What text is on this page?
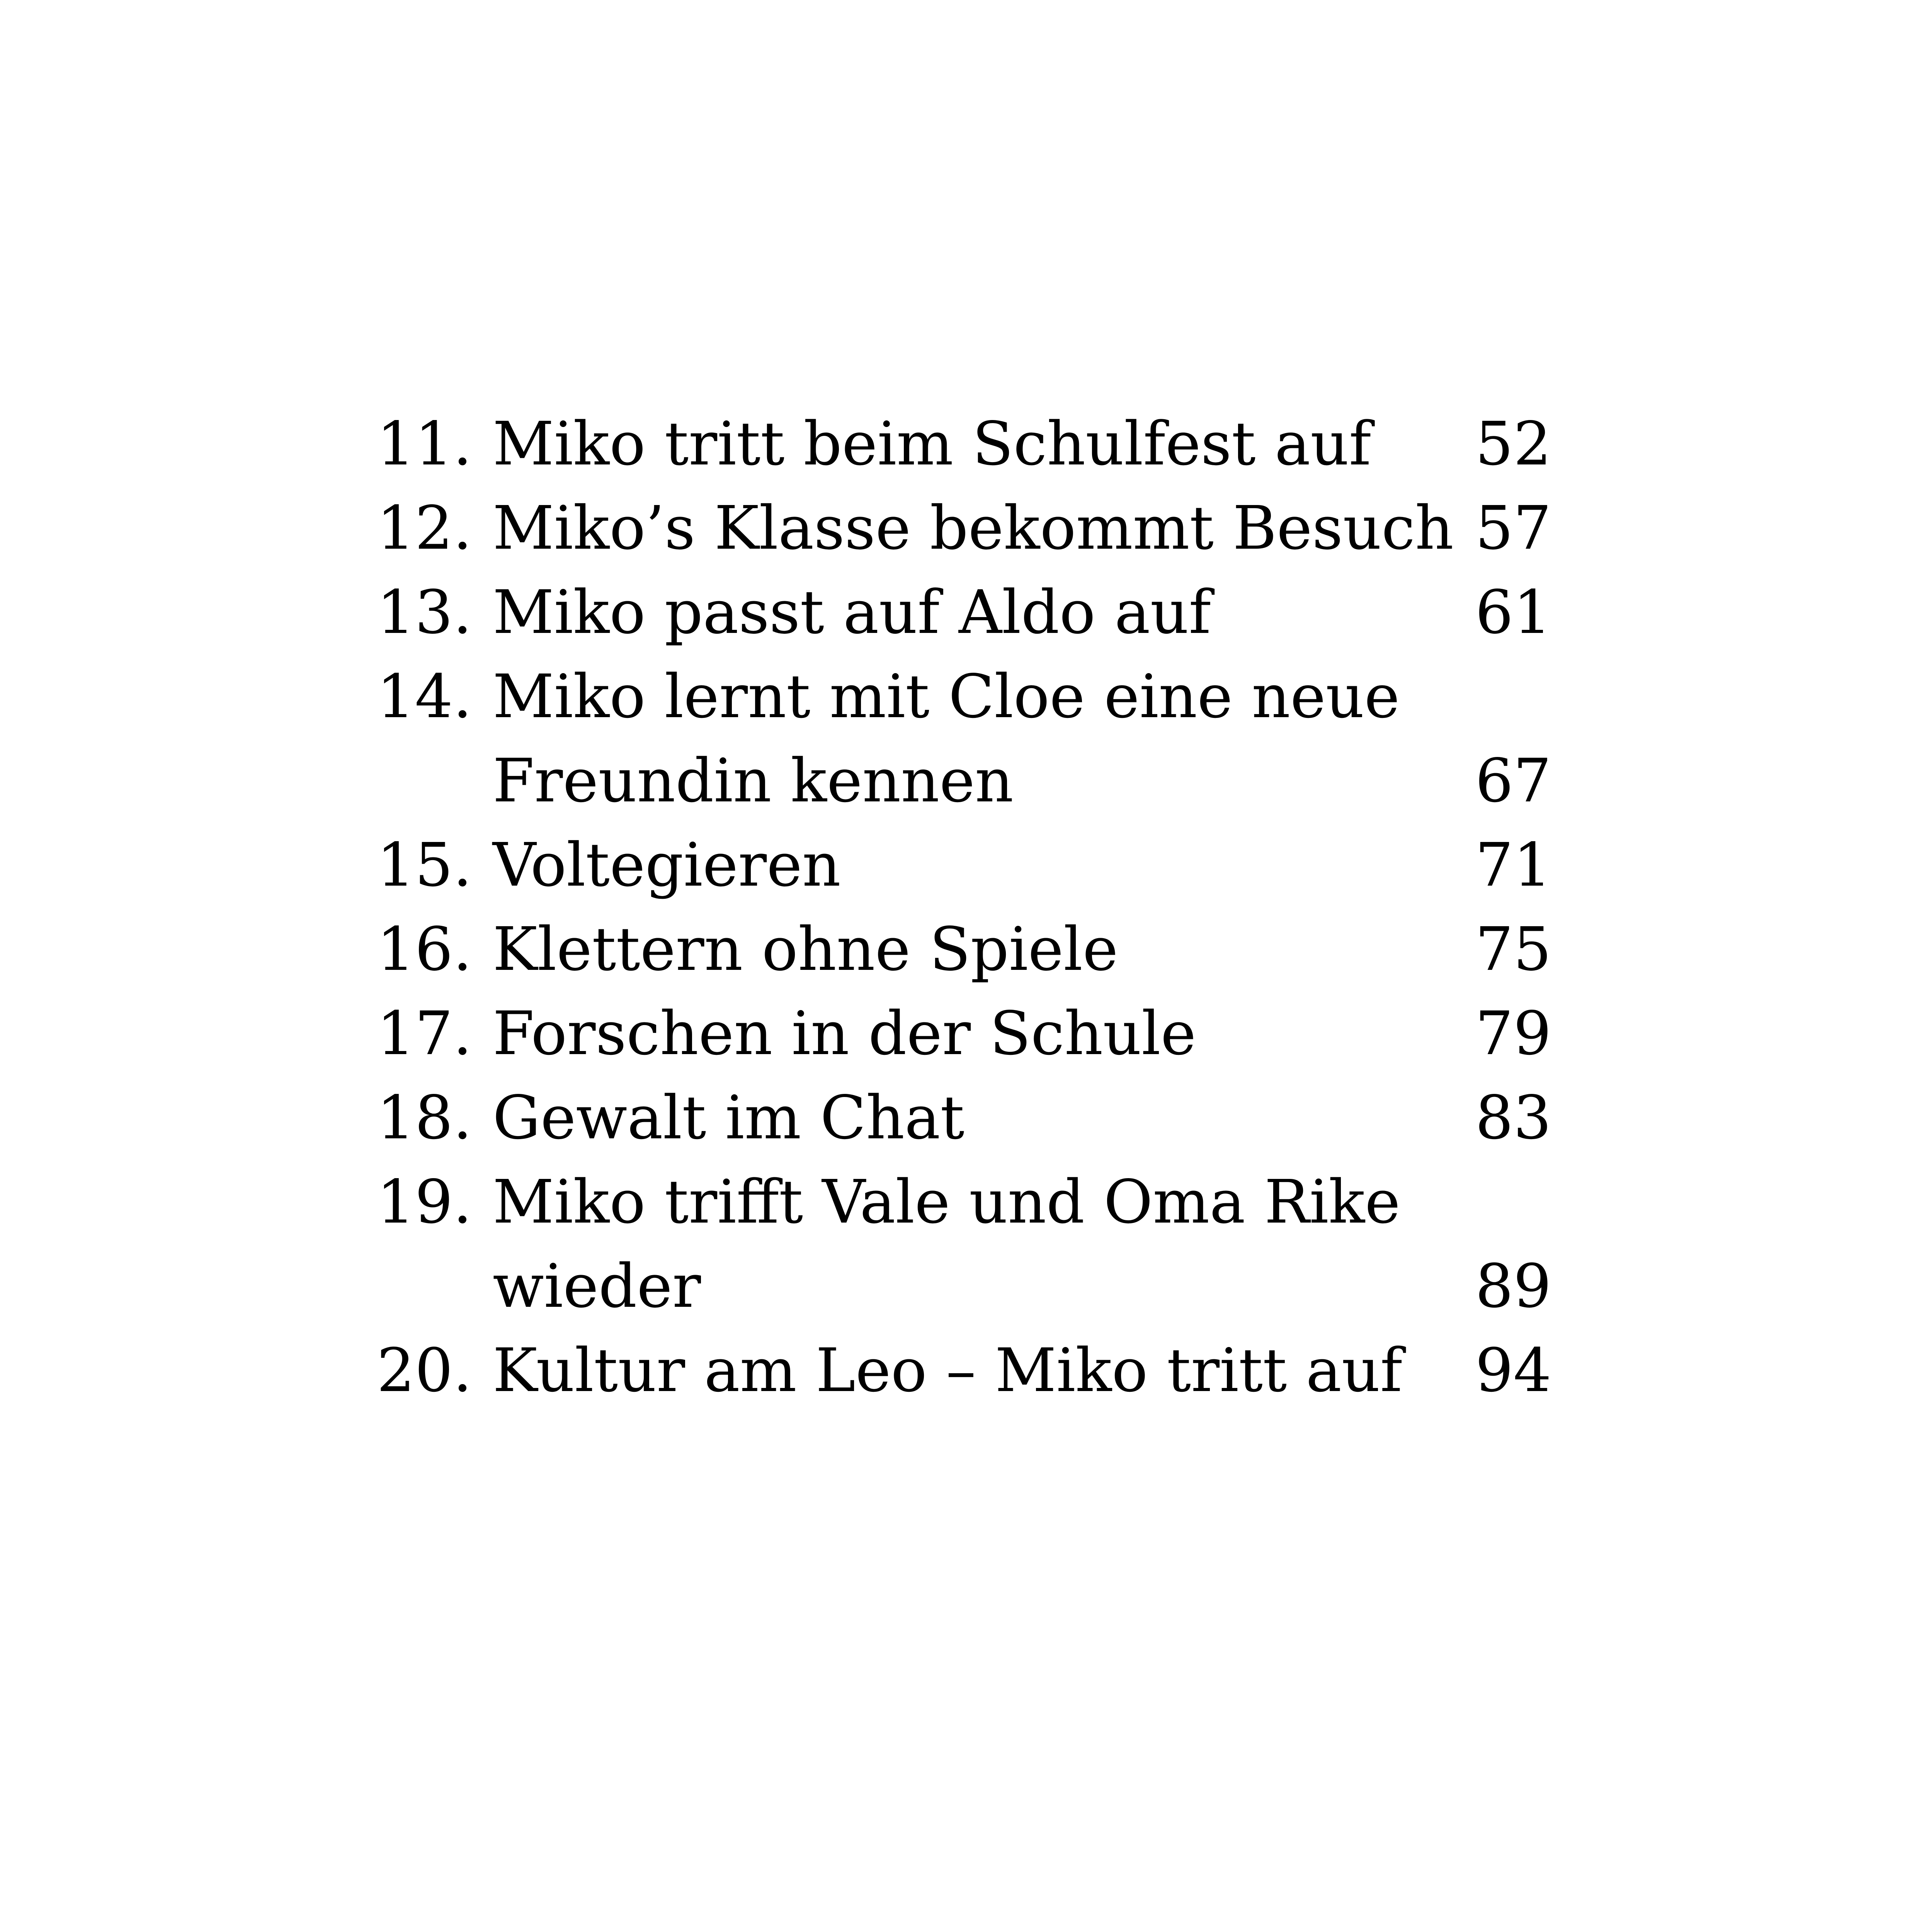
11. Miko tritt beim Schulfest auf 52
12. Miko’s Klasse bekommt Besuch 57
13. Miko passt auf Aldo auf	61
14. Miko lernt mit Cloe eine neue
Freundin kennen	67
15. Voltegieren	71
16. Klettern ohne Spiele	75
17. Forschen in der Schule	79
18. Gewalt im Chat	83
19. Miko trifft Vale und Oma Rike
wieder	89
20. Kultur am Leo – Miko tritt auf 94
